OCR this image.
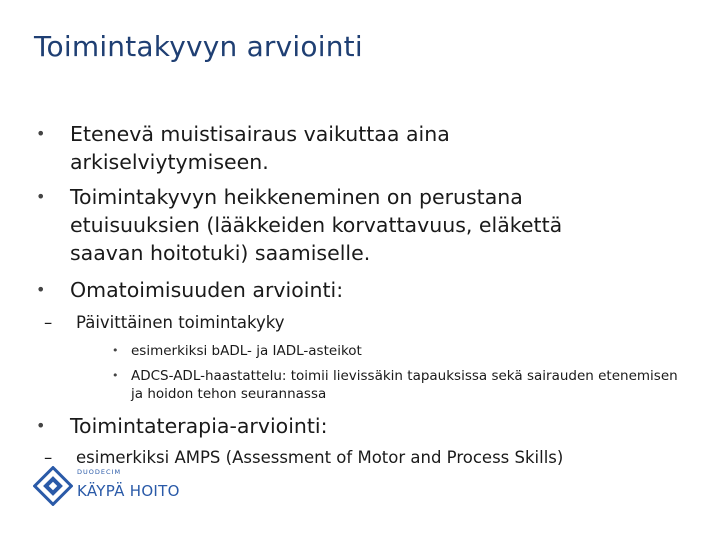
Toimintakyvyn arviointi
• Etenevä muistisairaus vaikuttaa aina arkiselviytymiseen.
• Toimintakyvyn heikkeneminen on perustana etuisuuksien (lääkkeiden korvattavuus, eläkettä saavan hoitotuki) saamiselle.
• Omatoimisuuden arviointi:
– Päivittäinen toimintakyky
• esimerkiksi bADL- ja IADL-asteikot
• ADCS-ADL-haastattelu: toimii lievissäkin tapauksissa sekä sairauden etenemisen ja hoidon tehon seurannassa
• Toimintaterapia-arviointi:
– esimerkiksi AMPS (Assessment of Motor and Process Skills)
DUODECIM
KÄYPÄ HOITO
